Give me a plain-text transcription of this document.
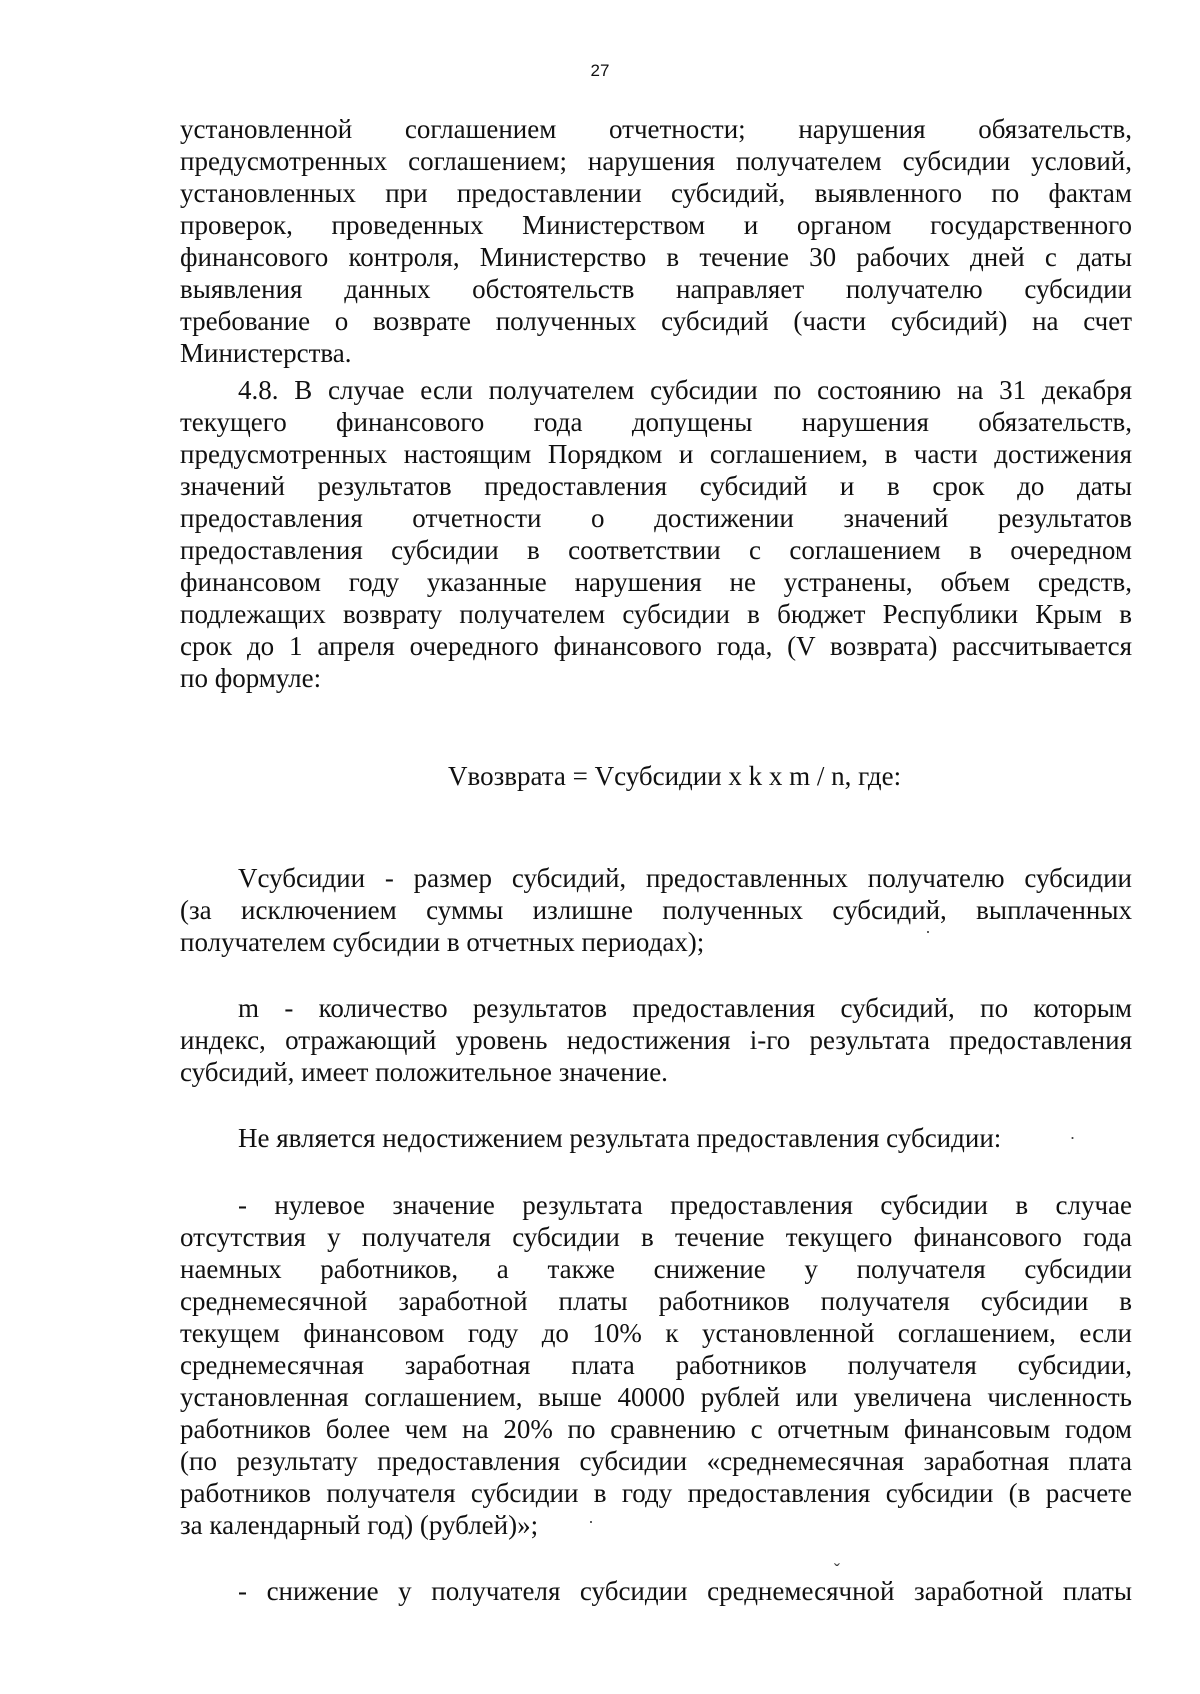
27
установленной соглашением отчетности; нарушения обязательств,
предусмотренных соглашением; нарушения получателем субсидии условий,
установленных при предоставлении субсидий, выявленного по фактам
проверок, проведенных Министерством и органом государственного
финансового контроля, Министерство в течение 30 рабочих дней с даты
выявления данных обстоятельств направляет получателю субсидии
требование о возврате полученных субсидий (части субсидий) на счет
Министерства.
4.8. В случае если получателем субсидии по состоянию на 31 декабря
текущего финансового года допущены нарушения обязательств,
предусмотренных настоящим Порядком и соглашением, в части достижения
значений результатов предоставления субсидий и в срок до даты
предоставления отчетности о достижении значений результатов
предоставления субсидии в соответствии с соглашением в очередном
финансовом году указанные нарушения не устранены, объем средств,
подлежащих возврату получателем субсидии в бюджет Республики Крым в
срок до 1 апреля очередного финансового года, (V возврата) рассчитывается
по формуле:
Vвозврата = Vсубсидии x k x m / n, где:
Vсубсидии - размер субсидий, предоставленных получателю субсидии
(за исключением суммы излишне полученных субсидий, выплаченных
получателем субсидии в отчетных периодах);
m - количество результатов предоставления субсидий, по которым
индекс, отражающий уровень недостижения i-го результата предоставления
субсидий, имеет положительное значение.
Не является недостижением результата предоставления субсидии:
- нулевое значение результата предоставления субсидии в случае
отсутствия у получателя субсидии в течение текущего финансового года
наемных работников, а также снижение у получателя субсидии
среднемесячной заработной платы работников получателя субсидии в
текущем финансовом году до 10% к установленной соглашением, если
среднемесячная заработная плата работников получателя субсидии,
установленная соглашением, выше 40000 рублей или увеличена численность
работников более чем на 20% по сравнению с отчетным финансовым годом
(по результату предоставления субсидии «среднемесячная заработная плата
работников получателя субсидии в году предоставления субсидии (в расчете
за календарный год) (рублей)»;
- снижение у получателя субсидии среднемесячной заработной платы
·
.
·
ˇ
